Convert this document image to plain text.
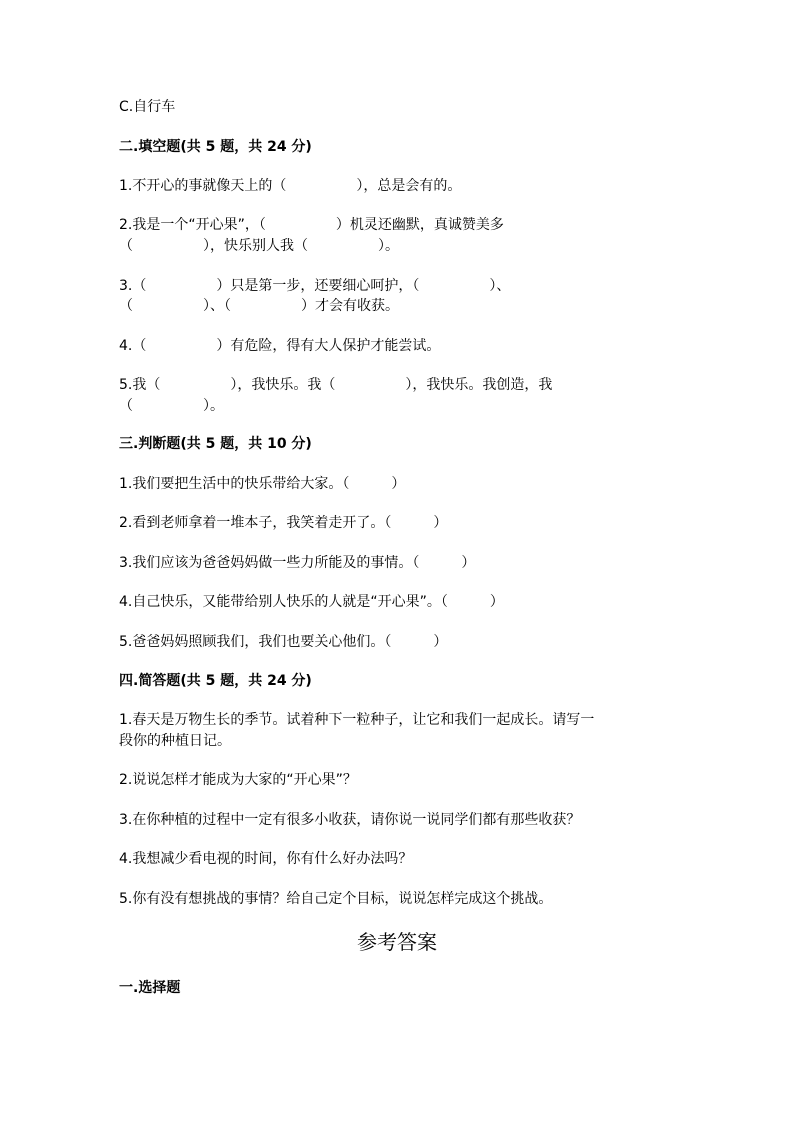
C.自行车

二.填空题(共 5 题，共 24 分)

1.不开心的事就像天上的（　　　　　），总是会有的。

2.我是一个“开心果”，（　　　　　）机灵还幽默，真诚赞美多

（　　　　　），快乐别人我（　　　　　）。

3.（　　　　　）只是第一步，还要细心呵护，（　　　　　）、

（　　　　　）、（　　　　　）才会有收获。

4.（　　　　　）有危险，得有大人保护才能尝试。

5.我（　　　　　），我快乐。我（　　　　　），我快乐。我创造，我

（　　　　　）。

三.判断题(共 5 题，共 10 分)

1.我们要把生活中的快乐带给大家。（　　　）

2.看到老师拿着一堆本子，我笑着走开了。（　　　）

3.我们应该为爸爸妈妈做一些力所能及的事情。（　　　）

4.自己快乐，又能带给别人快乐的人就是“开心果”。（　　　）

5.爸爸妈妈照顾我们，我们也要关心他们。（　　　）

四.简答题(共 5 题，共 24 分)

1.春天是万物生长的季节。试着种下一粒种子，让它和我们一起成长。请写一

段你的种植日记。

2.说说怎样才能成为大家的“开心果”？

3.在你种植的过程中一定有很多小收获，请你说一说同学们都有那些收获？

4.我想减少看电视的时间，你有什么好办法吗？

5.你有没有想挑战的事情？给自己定个目标，说说怎样完成这个挑战。

参考答案

一.选择题
